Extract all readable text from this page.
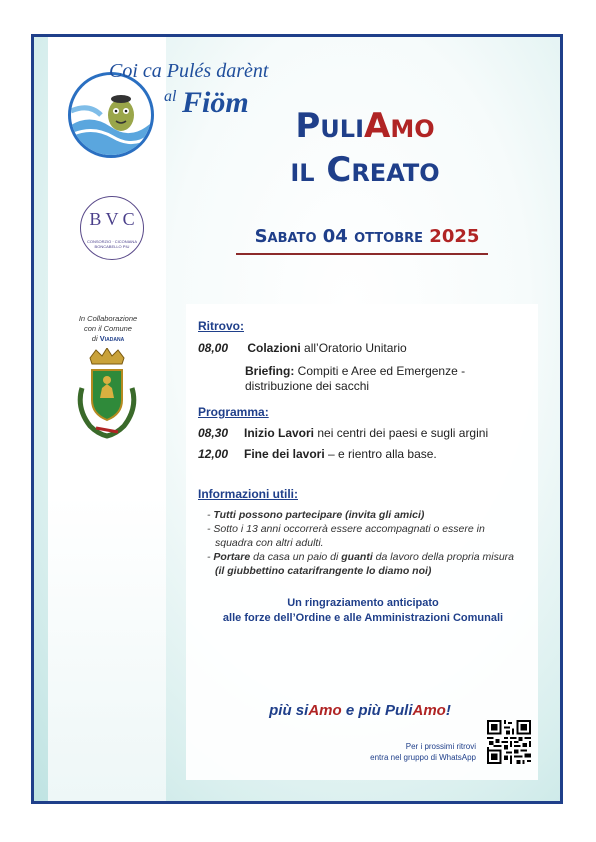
Coi ca Pulés darènt
al Fiöm
B V C
CONSORZIO · CICONIANA BONCABELLO PIU
In Collaborazione
con il Comune
di Viadana
PuliAmo
il Creato
Sabato 04 ottobre 2025
Ritrovo:
08,00 Colazioni all’Oratorio Unitario
Briefing: Compiti e Aree ed Emergenze - distribuzione dei sacchi
Programma:
08,30 Inizio Lavori nei centri dei paesi e sugli argini
12,00 Fine dei lavori – e rientro alla base.
Informazioni utili:
- Tutti possono partecipare (invita gli amici)
- Sotto i 13 anni occorrerà essere accompagnati o essere in squadra con altri adulti.
- Portare da casa un paio di guanti da lavoro della propria misura (il giubbettino catarifrangente lo diamo noi)
Un ringraziamento anticipato
alle forze dell’Ordine e alle Amministrazioni Comunali
più siAmo e più PuliAmo!
Per i prossimi ritrovi
entra nel gruppo di WhatsApp
